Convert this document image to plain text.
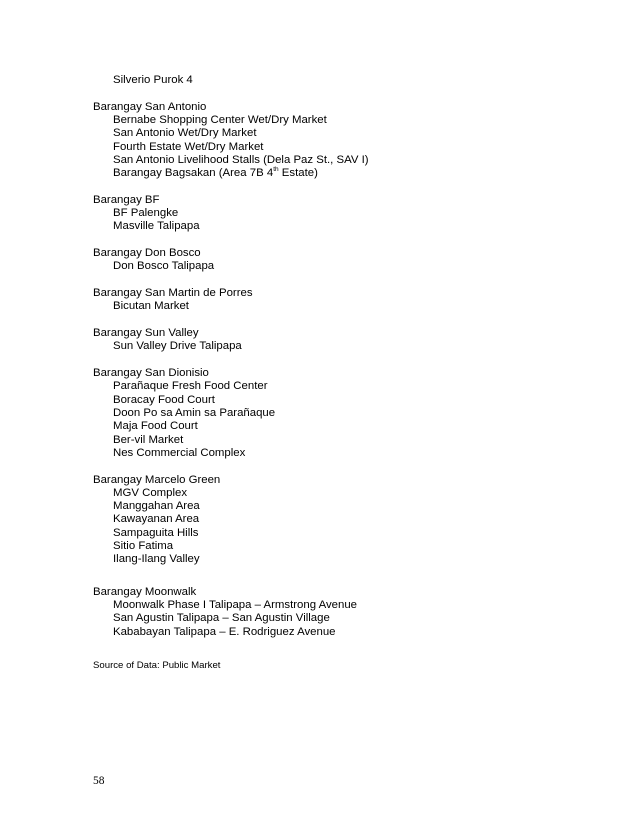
Silverio Purok 4
Barangay San Antonio
Bernabe Shopping Center Wet/Dry Market
San Antonio Wet/Dry Market
Fourth Estate Wet/Dry Market
San Antonio Livelihood Stalls (Dela Paz St., SAV I)
Barangay Bagsakan (Area 7B 4th Estate)
Barangay BF
BF Palengke
Masville Talipapa
Barangay Don Bosco
Don Bosco Talipapa
Barangay San Martin de Porres
Bicutan Market
Barangay Sun Valley
Sun Valley Drive Talipapa
Barangay San Dionisio
Parañaque Fresh Food Center
Boracay Food Court
Doon Po sa Amin sa Parañaque
Maja Food Court
Ber-vil Market
Nes Commercial Complex
Barangay Marcelo Green
MGV Complex
Manggahan Area
Kawayanan Area
Sampaguita Hills
Sitio Fatima
Ilang-Ilang Valley
Barangay Moonwalk
Moonwalk Phase I Talipapa – Armstrong Avenue
San Agustin Talipapa – San Agustin Village
Kababayan Talipapa – E. Rodriguez Avenue
Source of Data: Public Market
58
